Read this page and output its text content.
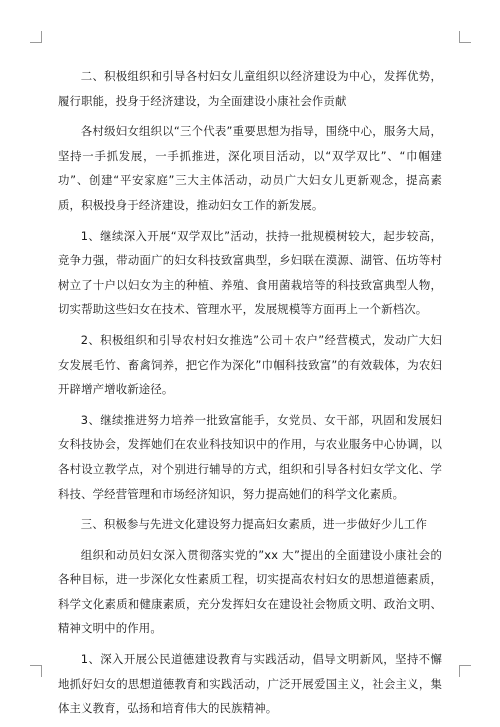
二、积极组织和引导各村妇女儿童组织以经济建设为中心，发挥优势，履行职能，投身于经济建设，为全面建设小康社会作贡献

各村级妇女组织以“三个代表”重要思想为指导，围绕中心，服务大局，坚持一手抓发展，一手抓推进，深化项目活动，以“双学双比”、“巾帼建功”、创建“平安家庭”三大主体活动，动员广大妇女儿更新观念，提高素质，积极投身于经济建设，推动妇女工作的新发展。

1、继续深入开展“双学双比”活动，扶持一批规模树较大，起步较高，竞争力强，带动面广的妇女科技致富典型，乡妇联在漠源、湖管、伍坊等村树立了十户以妇女为主的种植、养殖、食用菌栽培等的科技致富典型人物，切实帮助这些妇女在技术、管理水平，发展规模等方面再上一个新档次。

2、积极组织和引导农村妇女推选”公司＋农户”经营模式，发动广大妇女发展毛竹、畜禽饲养，把它作为深化”巾帼科技致富”的有效载体，为农妇开辟增产增收新途径。

3、继续推进努力培养一批致富能手，女党员、女干部，巩固和发展妇女科技协会，发挥她们在农业科技知识中的作用，与农业服务中心协调，以各村设立教学点，对个别进行辅导的方式，组织和引导各村妇女学文化、学科技、学经营管理和市场经济知识，努力提高她们的科学文化素质。

三、积极参与先进文化建设努力提高妇女素质，进一步做好少儿工作

组织和动员妇女深入贯彻落实党的”xx 大”提出的全面建设小康社会的各种目标，进一步深化女性素质工程，切实提高农村妇女的思想道德素质，科学文化素质和健康素质，充分发挥妇女在建设社会物质文明、政治文明、精神文明中的作用。

1、深入开展公民道德建设教育与实践活动，倡导文明新风，坚持不懈地抓好妇女的思想道德教育和实践活动，广泛开展爱国主义，社会主义，集体主义教育，弘扬和培育伟大的民族精神。
